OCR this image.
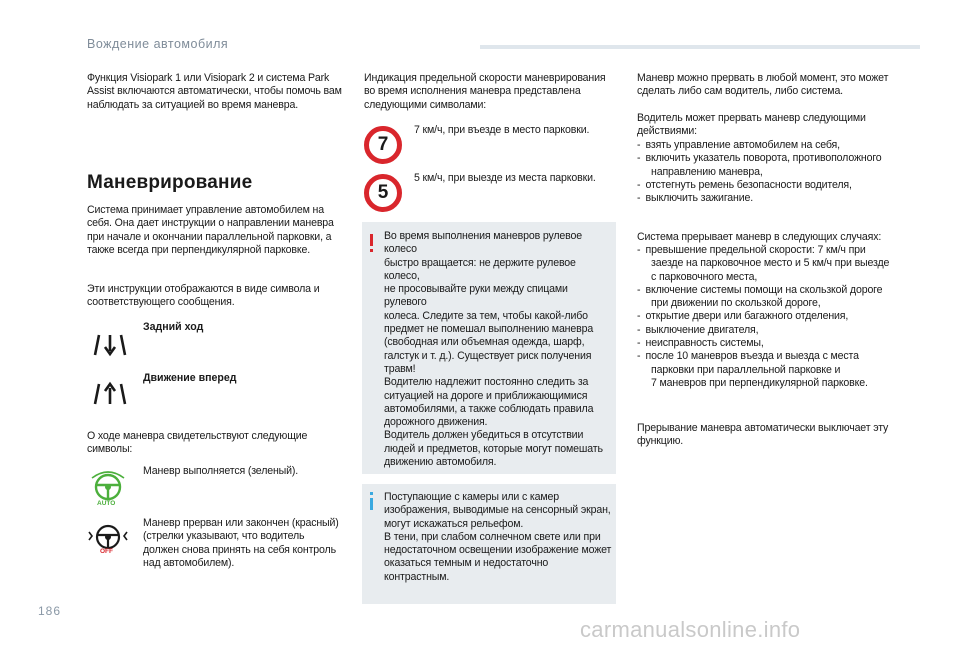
Вождение автомобиля
Функция Visiopark 1 или Visiopark 2 и система Park
Assist включаются автоматически, чтобы помочь вам
наблюдать за ситуацией во время маневра.
Маневрирование
Система принимает управление автомобилем на
себя. Она дает инструкции о направлении маневра
при начале и окончании параллельной парковки, а
также всегда при перпендикулярной парковке.
Эти инструкции отображаются в виде символа и
соответствующего сообщения.
Задний ход
Движение вперед
О ходе маневра свидетельствуют следующие
символы:
AUTO
Маневр выполняется (зеленый).
OFF
Маневр прерван или закончен (красный)
(стрелки указывают, что водитель
должен снова принять на себя контроль
над автомобилем).
Индикация предельной скорости маневрирования
во время исполнения маневра представлена
следующими символами:
7
7 км/ч, при въезде в место парковки.
5
5 км/ч, при выезде из места парковки.
Во время выполнения маневров рулевое колесо
быстро вращается: не держите рулевое колесо,
не просовывайте руки между спицами рулевого
колеса. Следите за тем, чтобы какой-либо
предмет не помешал выполнению маневра
(свободная или объемная одежда, шарф,
галстук и т. д.). Существует риск получения
травм!
Водителю надлежит постоянно следить за
ситуацией на дороге и приближающимися
автомобилями, а также соблюдать правила
дорожного движения.
Водитель должен убедиться в отсутствии
людей и предметов, которые могут помешать
движению автомобиля.
Поступающие с камеры или с камер
изображения, выводимые на сенсорный экран,
могут искажаться рельефом.
В тени, при слабом солнечном свете или при
недостаточном освещении изображение может
оказаться темным и недостаточно контрастным.
Маневр можно прервать в любой момент, это может
сделать либо сам водитель, либо система.
Водитель может прервать маневр следующими
действиями:
- взять управление автомобилем на себя,
- включить указатель поворота, противоположного
направлению маневра,
- отстегнуть ремень безопасности водителя,
- выключить зажигание.
Система прерывает маневр в следующих случаях:
- превышение предельной скорости: 7 км/ч при
заезде на парковочное место и 5 км/ч при выезде
с парковочного места,
- включение системы помощи на скользкой дороге
при движении по скользкой дороге,
- открытие двери или багажного отделения,
- выключение двигателя,
- неисправность системы,
- после 10 маневров въезда и выезда с места
парковки при параллельной парковке и
7 маневров при перпендикулярной парковке.
Прерывание маневра автоматически выключает эту
функцию.
186
carmanualsonline.info
